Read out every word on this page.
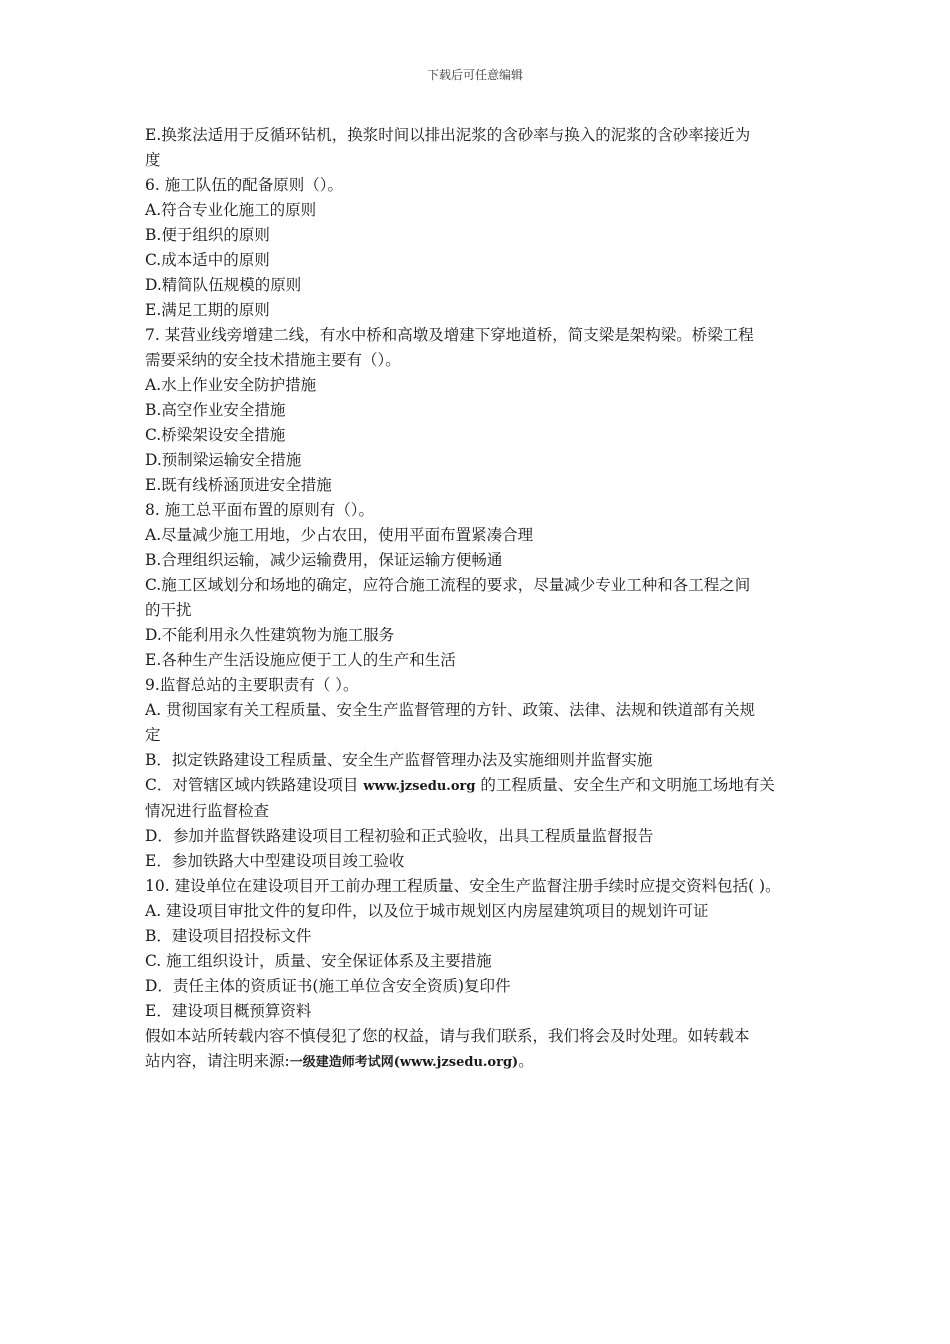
下载后可任意编辑
E.换浆法适用于反循环钻机，换浆时间以排出泥浆的含砂率与换入的泥浆的含砂率接近为
度
6. 施工队伍的配备原则（）。
A.符合专业化施工的原则
B.便于组织的原则
C.成本适中的原则
D.精简队伍规模的原则
E.满足工期的原则
7. 某营业线旁增建二线，有水中桥和高墩及增建下穿地道桥，简支梁是架构梁。桥梁工程
需要采纳的安全技术措施主要有（）。
A.水上作业安全防护措施
B.高空作业安全措施
C.桥梁架设安全措施
D.预制梁运输安全措施
E.既有线桥涵顶进安全措施
8. 施工总平面布置的原则有（）。
A.尽量减少施工用地，少占农田，使用平面布置紧凑合理
B.合理组织运输，减少运输费用，保证运输方便畅通
C.施工区域划分和场地的确定，应符合施工流程的要求，尽量减少专业工种和各工程之间
的干扰
D.不能利用永久性建筑物为施工服务
E.各种生产生活设施应便于工人的生产和生活
9.监督总站的主要职责有（ ）。
A. 贯彻国家有关工程质量、安全生产监督管理的方针、政策、法律、法规和铁道部有关规
定
B．拟定铁路建设工程质量、安全生产监督管理办法及实施细则并监督实施
C．对管辖区域内铁路建设项目 www.jzsedu.org 的工程质量、安全生产和文明施工场地有关
情况进行监督检查
D．参加并监督铁路建设项目工程初验和正式验收，出具工程质量监督报告
E．参加铁路大中型建设项目竣工验收
10. 建设单位在建设项目开工前办理工程质量、安全生产监督注册手续时应提交资料包括( )。
A. 建设项目审批文件的复印件，以及位于城市规划区内房屋建筑项目的规划许可证
B．建设项目招投标文件
C. 施工组织设计，质量、安全保证体系及主要措施
D．责任主体的资质证书(施工单位含安全资质)复印件
E．建设项目概预算资料
假如本站所转载内容不慎侵犯了您的权益，请与我们联系，我们将会及时处理。如转载本
站内容，请注明来源:一级建造师考试网(www.jzsedu.org)。
